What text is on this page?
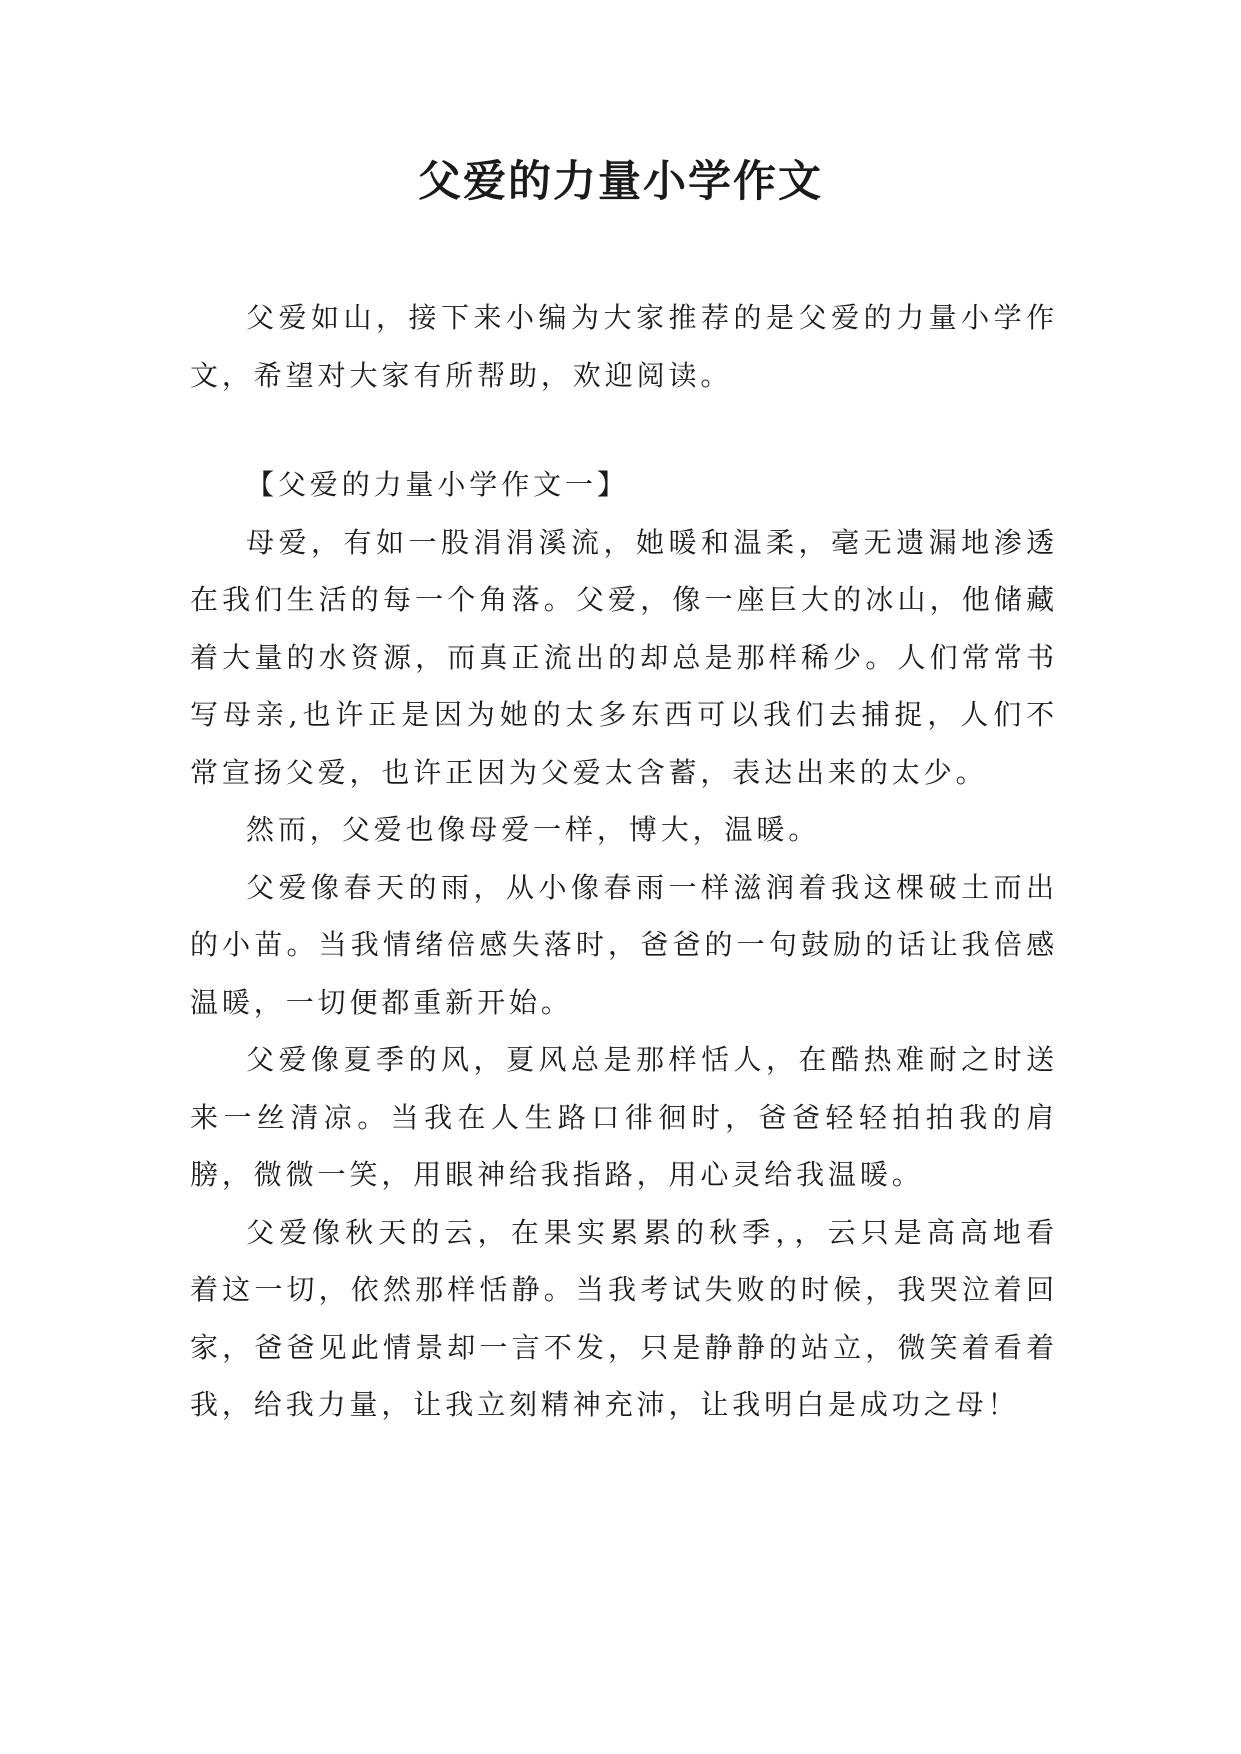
父爱的力量小学作文

父爱如山，接下来小编为大家推荐的是父爱的力量小学作文，希望对大家有所帮助，欢迎阅读。

【父爱的力量小学作文一】

母爱，有如一股涓涓溪流，她暖和温柔，毫无遗漏地渗透在我们生活的每一个角落。父爱，像一座巨大的冰山，他储藏着大量的水资源，而真正流出的却总是那样稀少。人们常常书写母亲,也许正是因为她的太多东西可以我们去捕捉，人们不常宣扬父爱，也许正因为父爱太含蓄，表达出来的太少。

然而，父爱也像母爱一样，博大，温暖。

父爱像春天的雨，从小像春雨一样滋润着我这棵破土而出的小苗。当我情绪倍感失落时，爸爸的一句鼓励的话让我倍感温暖，一切便都重新开始。

父爱像夏季的风，夏风总是那样恬人，在酷热难耐之时送来一丝清凉。当我在人生路口徘徊时，爸爸轻轻拍拍我的肩膀，微微一笑，用眼神给我指路，用心灵给我温暖。

父爱像秋天的云，在果实累累的秋季，，云只是高高地看着这一切，依然那样恬静。当我考试失败的时候，我哭泣着回家，爸爸见此情景却一言不发，只是静静的站立，微笑着看着我，给我力量，让我立刻精神充沛，让我明白是成功之母！
